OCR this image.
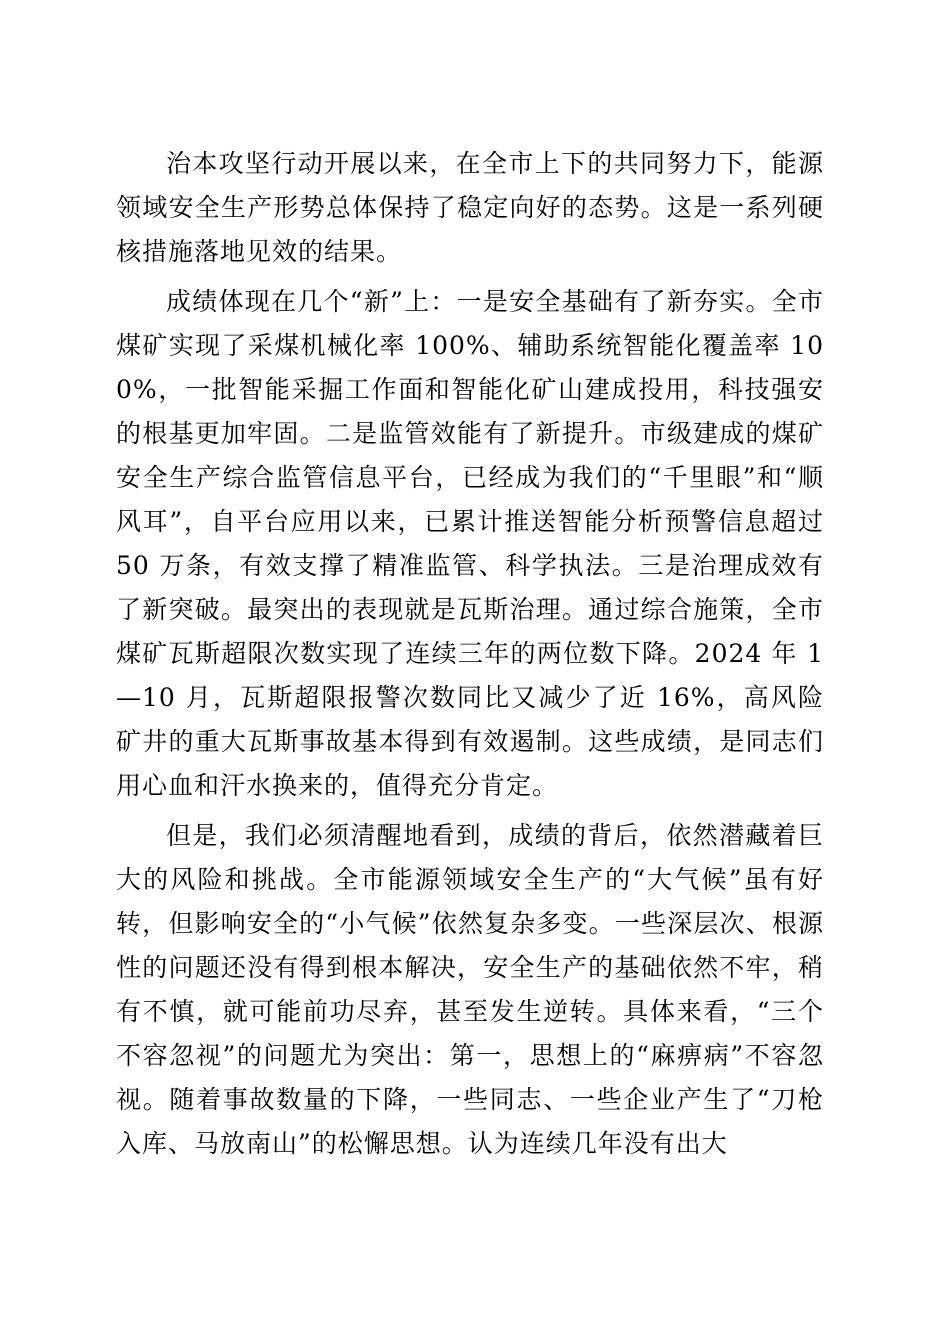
治本攻坚行动开展以来，在全市上下的共同努力下，能源领域安全生产形势总体保持了稳定向好的态势。这是一系列硬核措施落地见效的结果。

成绩体现在几个“新”上：一是安全基础有了新夯实。全市煤矿实现了采煤机械化率 100%、辅助系统智能化覆盖率 100%，一批智能采掘工作面和智能化矿山建成投用，科技强安的根基更加牢固。二是监管效能有了新提升。市级建成的煤矿安全生产综合监管信息平台，已经成为我们的“千里眼”和“顺风耳”，自平台应用以来，已累计推送智能分析预警信息超过 50 万条，有效支撑了精准监管、科学执法。三是治理成效有了新突破。最突出的表现就是瓦斯治理。通过综合施策，全市煤矿瓦斯超限次数实现了连续三年的两位数下降。2024 年 1—10 月，瓦斯超限报警次数同比又减少了近 16%，高风险矿井的重大瓦斯事故基本得到有效遏制。这些成绩，是同志们用心血和汗水换来的，值得充分肯定。

但是，我们必须清醒地看到，成绩的背后，依然潜藏着巨大的风险和挑战。全市能源领域安全生产的“大气候”虽有好转，但影响安全的“小气候”依然复杂多变。一些深层次、根源性的问题还没有得到根本解决，安全生产的基础依然不牢，稍有不慎，就可能前功尽弃，甚至发生逆转。具体来看，“三个不容忽视”的问题尤为突出：第一，思想上的“麻痹病”不容忽视。随着事故数量的下降，一些同志、一些企业产生了“刀枪入库、马放南山”的松懈思想。认为连续几年没有出大
